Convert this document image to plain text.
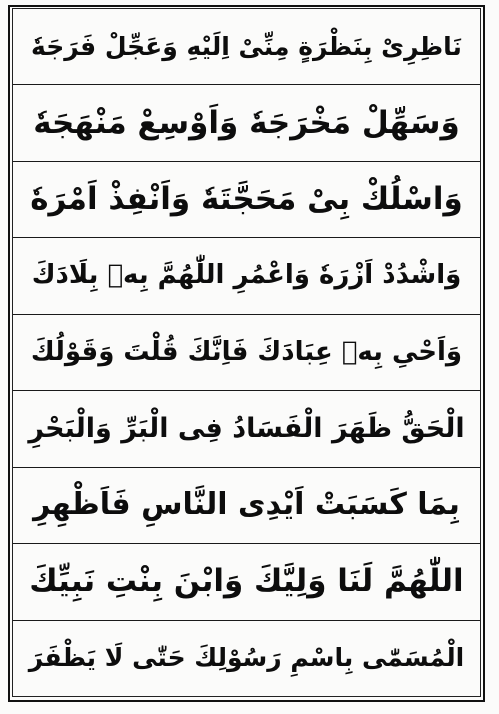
نَاظِرِیْ بِنَظْرَةٍ مِنِّیْ اِلَیْهِ وَعَجِّلْ فَرَجَهٗ
وَسَهِّلْ مَخْرَجَهٗ وَاَوْسِعْ مَنْهَجَهٗ
وَاسْلُكْ بِیْ مَحَجَّتَهٗ وَاَنْفِذْ اَمْرَهٗ
وَاشْدُدْ اَزْرَهٗ وَاعْمُرِ اللّٰهُمَّ بِهٖ بِلَادَكَ
وَاَحْیِ بِهٖ عِبَادَكَ فَاِنَّكَ قُلْتَ وَقَوْلُكَ
الْحَقُّ ظَهَرَ الْفَسَادُ فِی الْبَرِّ وَالْبَحْرِ
بِمَا كَسَبَتْ اَیْدِی النَّاسِ فَاَظْهِرِ
اللّٰهُمَّ لَنَا وَلِیَّكَ وَابْنَ بِنْتِ نَبِیِّكَ
الْمُسَمّٰى بِاسْمِ رَسُوْلِكَ حَتّٰى لَا یَظْفَرَ
